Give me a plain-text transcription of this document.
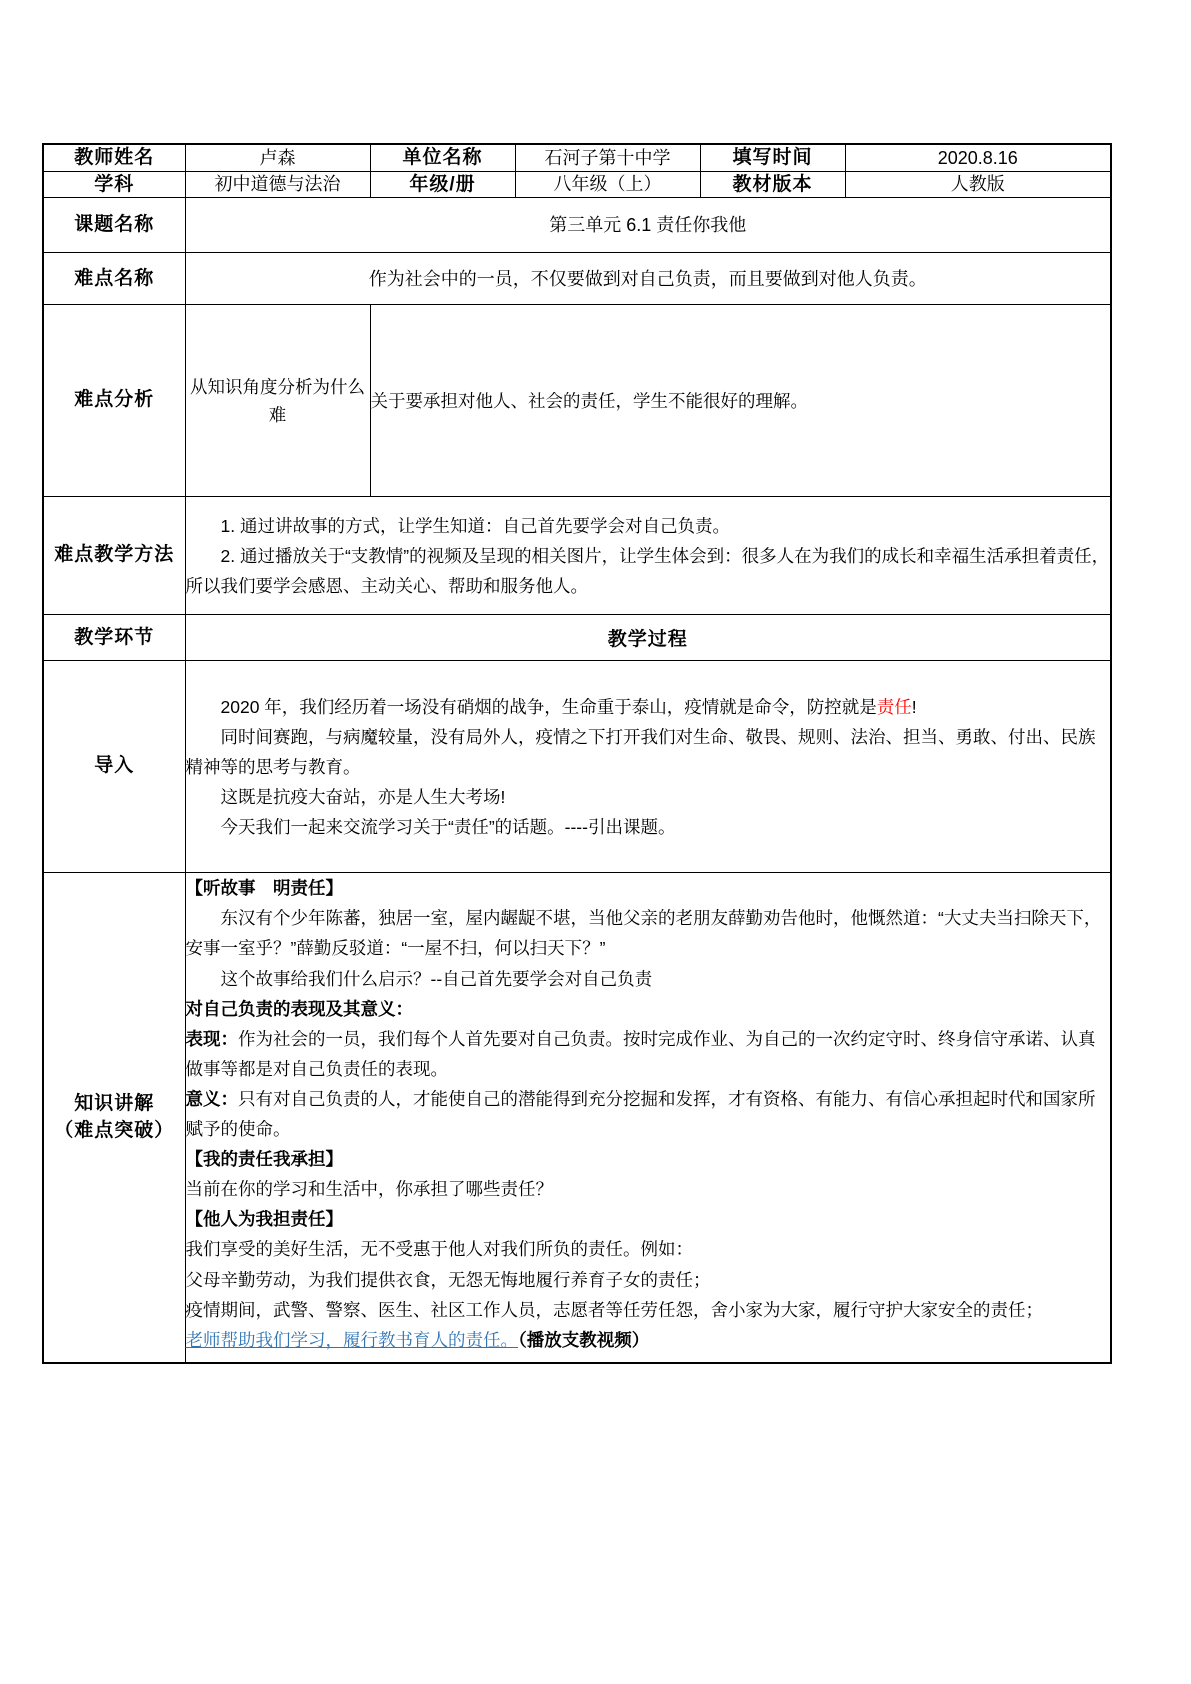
教师姓名	卢森	单位名称	石河子第十中学	填写时间	2020.8.16
学科	初中道德与法治	年级/册	八年级（上）	教材版本	人教版
课题名称	第三单元 6.1 责任你我他				
难点名称	作为社会中的一员，不仅要做到对自己负责，而且要做到对他人负责。				
难点分析	从知识角度分析为什么难	关于要承担对他人、社会的责任，学生不能很好的理解。			
难点教学方法	1. 通过讲故事的方式，让学生知道：自己首先要学会对自己负责。

2. 通过播放关于“支教情”的视频及呈现的相关图片，让学生体会到：很多人在为我们的成长和幸福生活承担着责任，所以我们要学会感恩、主动关心、帮助和服务他人。				

教学环节	教学过程				
导入	2020 年，我们经历着一场没有硝烟的战争，生命重于泰山，疫情就是命令，防控就是责任!

同时间赛跑，与病魔较量，没有局外人，疫情之下打开我们对生命、敬畏、规则、法治、担当、勇敢、付出、民族精神等的思考与教育。

这既是抗疫大奋站，亦是人生大考场!

今天我们一起来交流学习关于“责任”的话题。----引出课题。				

知识讲解
（难点突破）

【听故事　明责任】

东汉有个少年陈蕃，独居一室，屋内龌龊不堪，当他父亲的老朋友薛勤劝告他时，他慨然道：“大丈夫当扫除天下，安事一室乎？”薛勤反驳道：“一屋不扫，何以扫天下？”

这个故事给我们什么启示？--自己首先要学会对自己负责

对自己负责的表现及其意义：

表现：作为社会的一员，我们每个人首先要对自己负责。按时完成作业、为自己的一次约定守时、终身信守承诺、认真做事等都是对自己负责任的表现。

意义：只有对自己负责的人，才能使自己的潜能得到充分挖掘和发挥，才有资格、有能力、有信心承担起时代和国家所赋予的使命。

【我的责任我承担】

当前在你的学习和生活中，你承担了哪些责任？

【他人为我担责任】

我们享受的美好生活，无不受惠于他人对我们所负的责任。例如：

父母辛勤劳动，为我们提供衣食，无怨无悔地履行养育子女的责任；

疫情期间，武警、警察、医生、社区工作人员，志愿者等任劳任怨，舍小家为大家，履行守护大家安全的责任；

老师帮助我们学习，履行教书育人的责任。（播放支教视频）
